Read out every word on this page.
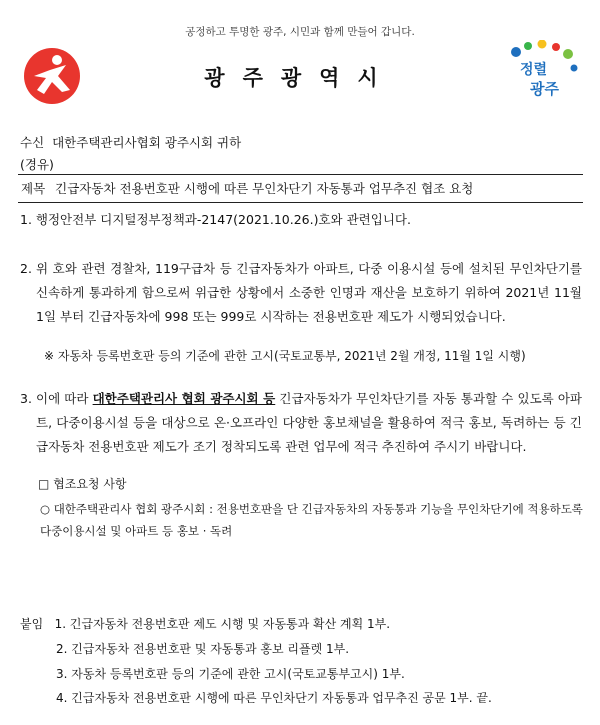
공정하고 투명한 광주, 시민과 함께 만들어 갑니다.
광주광역시	정렬
광주
수신 대한주택관리사협회 광주시회 귀하
(경유)
제목 긴급자동차 전용번호판 시행에 따른 무인차단기 자동통과 업무추진 협조 요청
1. 행정안전부 디지털정부정책과-2147(2021.10.26.)호와 관련입니다.
2. 위 호와 관련 경찰차, 119구급차 등 긴급자동차가 아파트, 다중 이용시설 등에 설치된 무인차단기를 신속하게 통과하게 함으로써 위급한 상황에서 소중한 인명과 재산을 보호하기 위하여 2021년 11월 1일 부터 긴급자동차에 998 또는 999로 시작하는 전용번호판 제도가 시행되었습니다.
※ 자동차 등록번호판 등의 기준에 관한 고시(국토교통부, 2021년 2월 개정, 11월 1일 시행)
3. 이에 따라 대한주택관리사 협회 광주시회 등 긴급자동차가 무인차단기를 자동 통과할 수 있도록 아파트, 다중이용시설 등을 대상으로 온·오프라인 다양한 홍보채널을 활용하여 적극 홍보, 독려하는 등 긴급자동차 전용번호판 제도가 조기 정착되도록 관련 업무에 적극 추진하여 주시기 바랍니다.
□ 협조요청 사항
○ 대한주택관리사 협회 광주시회 : 전용번호판을 단 긴급자동차의 자동통과 기능을 무인차단기에 적용하도록 다중이용시설 및 아파트 등 홍보 · 독려
붙임 1. 긴급자동차 전용번호판 제도 시행 및 자동통과 확산 계획 1부.
2. 긴급자동차 전용번호판 및 자동통과 홍보 리플렛 1부.
3. 자동차 등록번호판 등의 기준에 관한 고시(국토교통부고시) 1부.
4. 긴급자동차 전용번호판 시행에 따른 무인차단기 자동통과 업무추진 공문 1부. 끝.
